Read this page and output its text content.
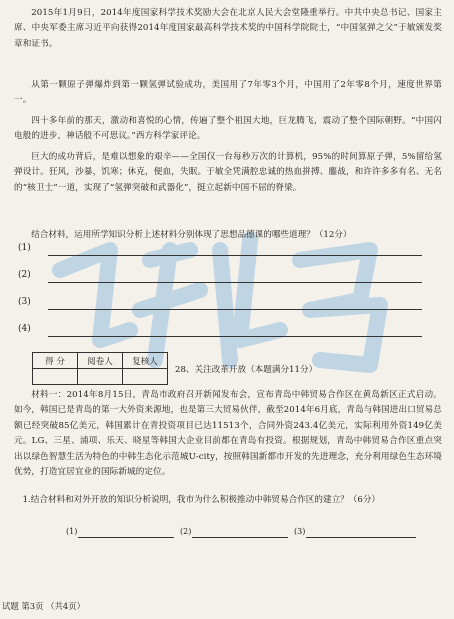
2015年1月9日，2014年度国家科学技术奖励大会在北京人民大会堂隆重举行。中共中央总书记、国家主席、中央军委主席习近平向获得2014年度国家最高科学技术奖的中国科学院院士，“中国氢弹之父”于敏颁发奖章和证书。

从第一颗原子弹爆炸到第一颗氢弹试验成功，美国用了7年零3个月，中国用了2年零8个月，速度世界第一。

四十多年前的那天，激动和喜悦的心情，传遍了整个祖国大地，巨龙腾飞，震动了整个国际朝野。“中国闪电般的进步，神话般不可思议。”西方科学家评论。

巨大的成功背后，是难以想象的艰辛——全国仅一台每秒万次的计算机，95%的时间算原子弹，5%留给氢弹设计。狂风，沙暴，饥寒；休克，便血，失眠。于敏全凭满腔忠诚的热血拼搏、鏖战，和许许多多有名、无名的“核卫士”一道，实现了“氢弹突破和武器化”，挺立起新中国不屈的脊梁。

结合材料，运用所学知识分析上述材料分别体现了思想品德课的哪些道理？（12分）
(1)
(2)
(3)
(4)
得 分	阅卷人	复核人

28、关注改革开放（本题满分11分）

材料一：2014年8月15日，青岛市政府召开新闻发布会，宣布青岛中韩贸易合作区在黄岛新区正式启动。如今，韩国已是青岛的第一大外资来源地，也是第三大贸易伙伴，截至2014年6月底，青岛与韩国进出口贸易总额已经突破85亿美元，韩国累计在青投资项目已达11513个，合同外资243.4亿美元，实际利用外资149亿美元。LG、三星、浦项、乐天、晓星等韩国大企业目前都在青岛有投资。根据规划，青岛中韩贸易合作区重点突出以绿色智慧生活为特色的中韩生态化示范城U-city，按照韩国新都市开发的先进理念，充分利用绿色生态环境优势，打造宜居宜业的国际新城的定位。

1.结合材料和对外开放的知识分析说明，我市为什么积极推动中韩贸易合作区的建立？（6分）
(1)	(2)	(3)
试题 第3页 （共4页）
